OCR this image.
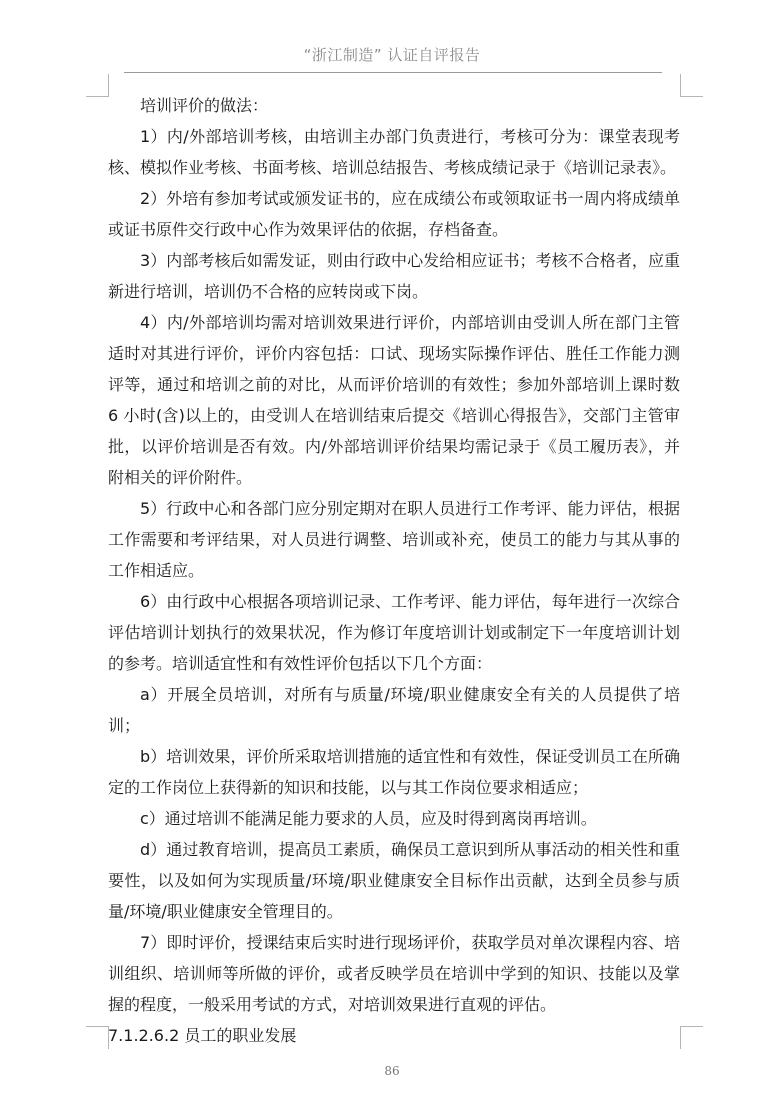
“浙江制造” 认证自评报告

培训评价的做法：

1）内/外部培训考核，由培训主办部门负责进行，考核可分为：课堂表现考核、模拟作业考核、书面考核、培训总结报告、考核成绩记录于《培训记录表》。

2）外培有参加考试或颁发证书的，应在成绩公布或领取证书一周内将成绩单或证书原件交行政中心作为效果评估的依据，存档备查。

3）内部考核后如需发证，则由行政中心发给相应证书；考核不合格者，应重新进行培训，培训仍不合格的应转岗或下岗。

4）内/外部培训均需对培训效果进行评价，内部培训由受训人所在部门主管适时对其进行评价，评价内容包括：口试、现场实际操作评估、胜任工作能力测评等，通过和培训之前的对比，从而评价培训的有效性；参加外部培训上课时数 6 小时(含)以上的，由受训人在培训结束后提交《培训心得报告》，交部门主管审批，以评价培训是否有效。内/外部培训评价结果均需记录于《员工履历表》，并附相关的评价附件。

5）行政中心和各部门应分别定期对在职人员进行工作考评、能力评估，根据工作需要和考评结果，对人员进行调整、培训或补充，使员工的能力与其从事的工作相适应。

6）由行政中心根据各项培训记录、工作考评、能力评估，每年进行一次综合评估培训计划执行的效果状况，作为修订年度培训计划或制定下一年度培训计划的参考。培训适宜性和有效性评价包括以下几个方面：

a）开展全员培训，对所有与质量/环境/职业健康安全有关的人员提供了培训；

b）培训效果，评价所采取培训措施的适宜性和有效性，保证受训员工在所确定的工作岗位上获得新的知识和技能，以与其工作岗位要求相适应；

c）通过培训不能满足能力要求的人员，应及时得到离岗再培训。

d）通过教育培训，提高员工素质，确保员工意识到所从事活动的相关性和重要性，以及如何为实现质量/环境/职业健康安全目标作出贡献，达到全员参与质量/环境/职业健康安全管理目的。

7）即时评价，授课结束后实时进行现场评价，获取学员对单次课程内容、培训组织、培训师等所做的评价，或者反映学员在培训中学到的知识、技能以及掌握的程度，一般采用考试的方式，对培训效果进行直观的评估。

7.1.2.6.2 员工的职业发展

86
